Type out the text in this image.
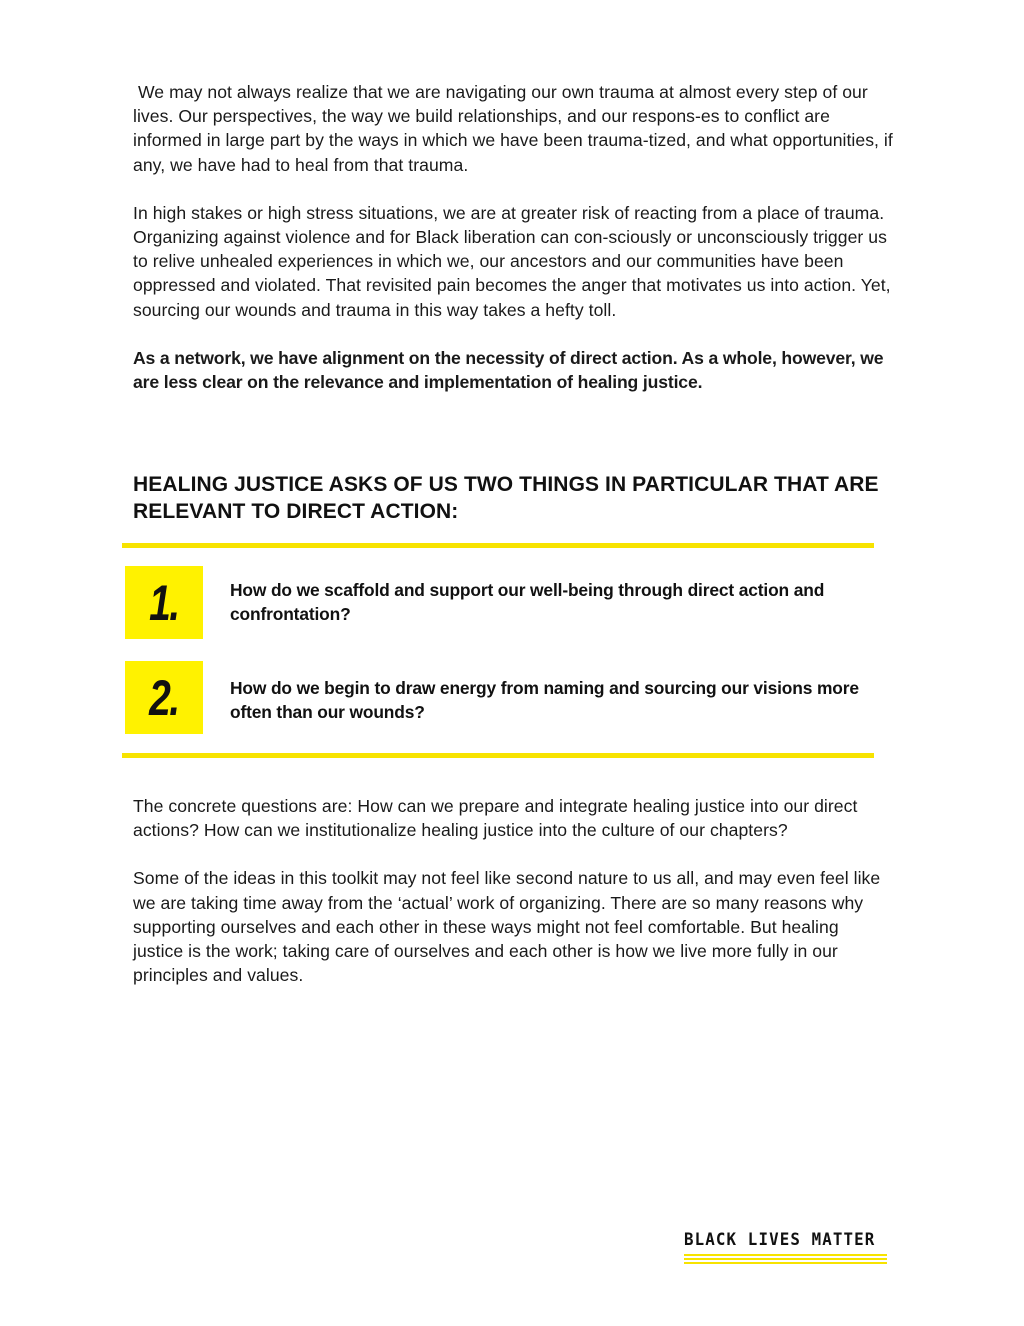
We may not always realize that we are navigating our own trauma at almost every step of our lives. Our perspectives, the way we build relationships, and our respons-es to conflict are informed in large part by the ways in which we have been trauma-tized, and what opportunities, if any, we have had to heal from that trauma.

In high stakes or high stress situations, we are at greater risk of reacting from a place of trauma. Organizing against violence and for Black liberation can con-sciously or unconsciously trigger us to relive unhealed experiences in which we, our ancestors and our communities have been oppressed and violated. That revisited pain becomes the anger that motivates us into action. Yet, sourcing our wounds and trauma in this way takes a hefty toll.

As a network, we have alignment on the necessity of direct action. As a whole, however, we are less clear on the relevance and implementation of healing justice.

HEALING JUSTICE ASKS OF US TWO THINGS IN PARTICULAR THAT ARE RELEVANT TO DIRECT ACTION:
1.	How do we scaffold and support our well-being through direct action and confrontation?
2.	How do we begin to draw energy from naming and sourcing our visions more often than our wounds?

The concrete questions are: How can we prepare and integrate healing justice into our direct actions? How can we institutionalize healing justice into the culture of our chapters?

Some of the ideas in this toolkit may not feel like second nature to us all, and may even feel like we are taking time away from the ‘actual’ work of organizing. There are so many reasons why supporting ourselves and each other in these ways might not feel comfortable. But healing justice is the work; taking care of ourselves and each other is how we live more fully in our principles and values.

BLACK LIVES MATTER
